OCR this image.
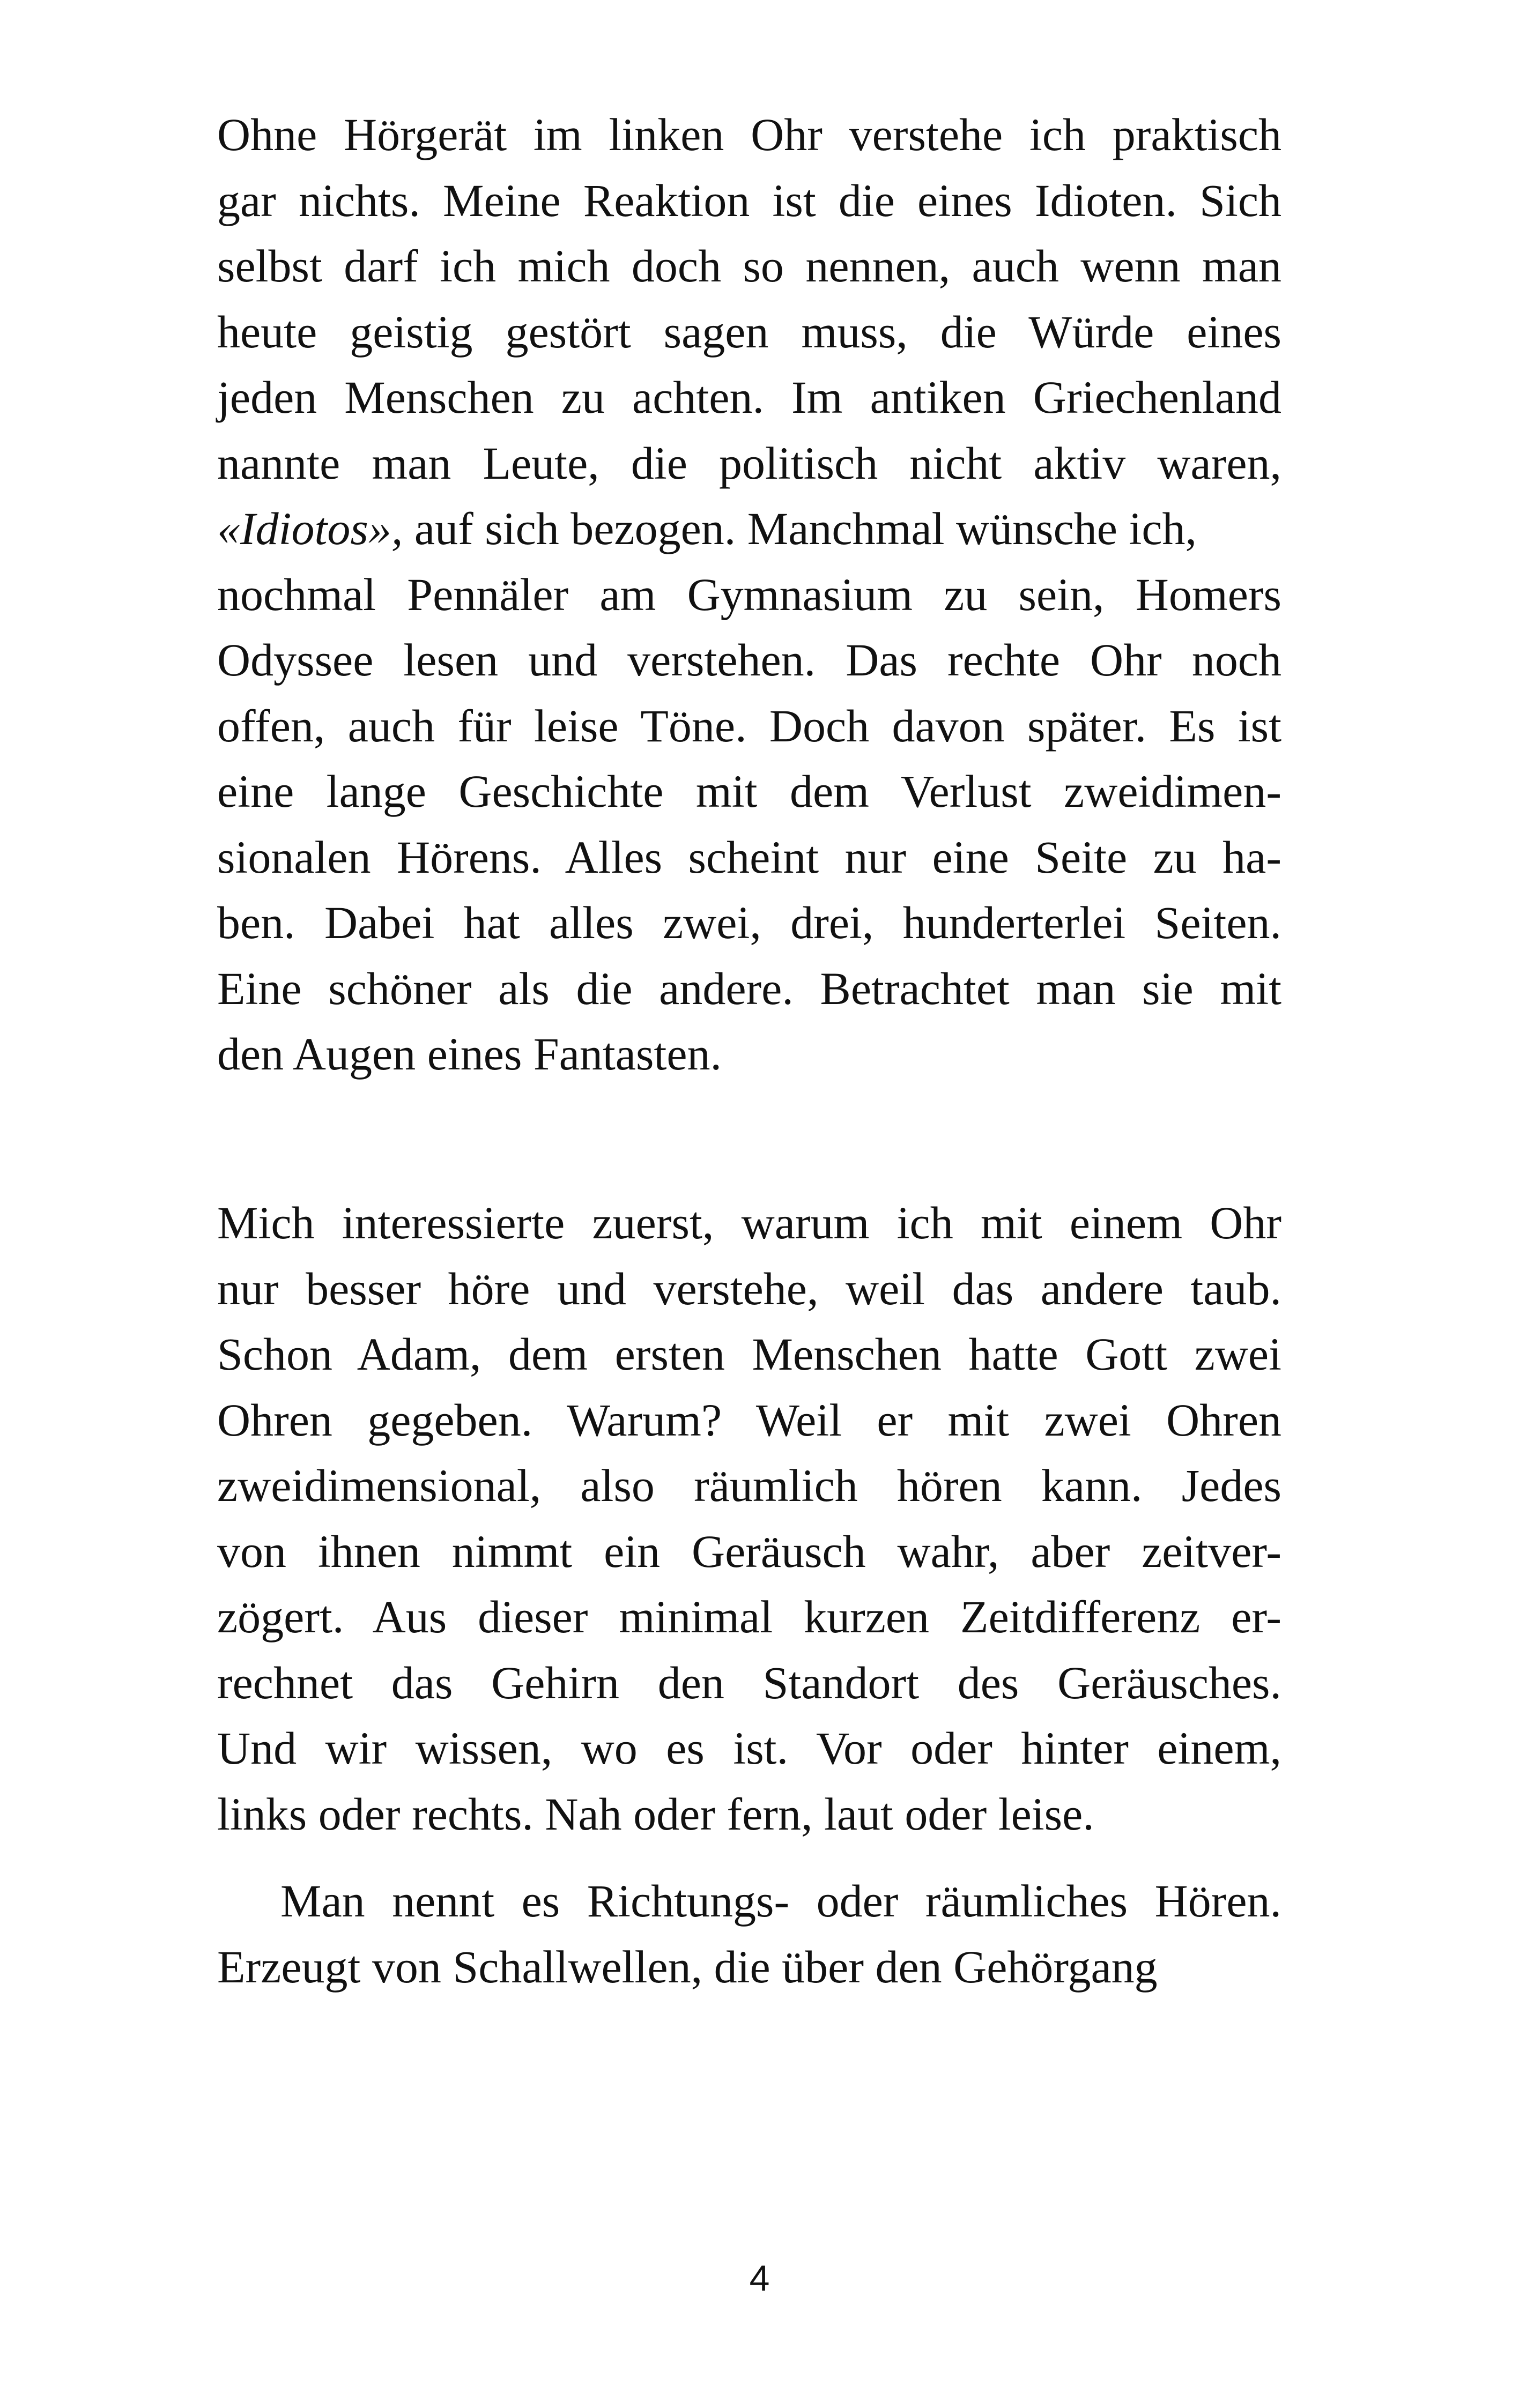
Ohne Hörgerät im linken Ohr verstehe ich praktisch
gar nichts. Meine Reaktion ist die eines Idioten. Sich
selbst darf ich mich doch so nennen, auch wenn man
heute geistig gestört sagen muss, die Würde eines
jeden Menschen zu achten. Im antiken Griechenland
nannte man Leute, die politisch nicht aktiv waren,
«Idiotos», auf sich bezogen. Manchmal wünsche ich,
nochmal Pennäler am Gymnasium zu sein, Homers
Odyssee lesen und verstehen. Das rechte Ohr noch
offen, auch für leise Töne. Doch davon später. Es ist
eine lange Geschichte mit dem Verlust zweidimen-
sionalen Hörens. Alles scheint nur eine Seite zu ha-
ben. Dabei hat alles zwei, drei, hunderterlei Seiten.
Eine schöner als die andere. Betrachtet man sie mit
den Augen eines Fantasten.
Mich interessierte zuerst, warum ich mit einem Ohr
nur besser höre und verstehe, weil das andere taub.
Schon Adam, dem ersten Menschen hatte Gott zwei
Ohren gegeben. Warum? Weil er mit zwei Ohren
zweidimensional, also räumlich hören kann. Jedes
von ihnen nimmt ein Geräusch wahr, aber zeitver-
zögert. Aus dieser minimal kurzen Zeitdifferenz er-
rechnet das Gehirn den Standort des Geräusches.
Und wir wissen, wo es ist. Vor oder hinter einem,
links oder rechts. Nah oder fern, laut oder leise.
Man nennt es Richtungs- oder räumliches Hören.
Erzeugt von Schallwellen, die über den Gehörgang
4
